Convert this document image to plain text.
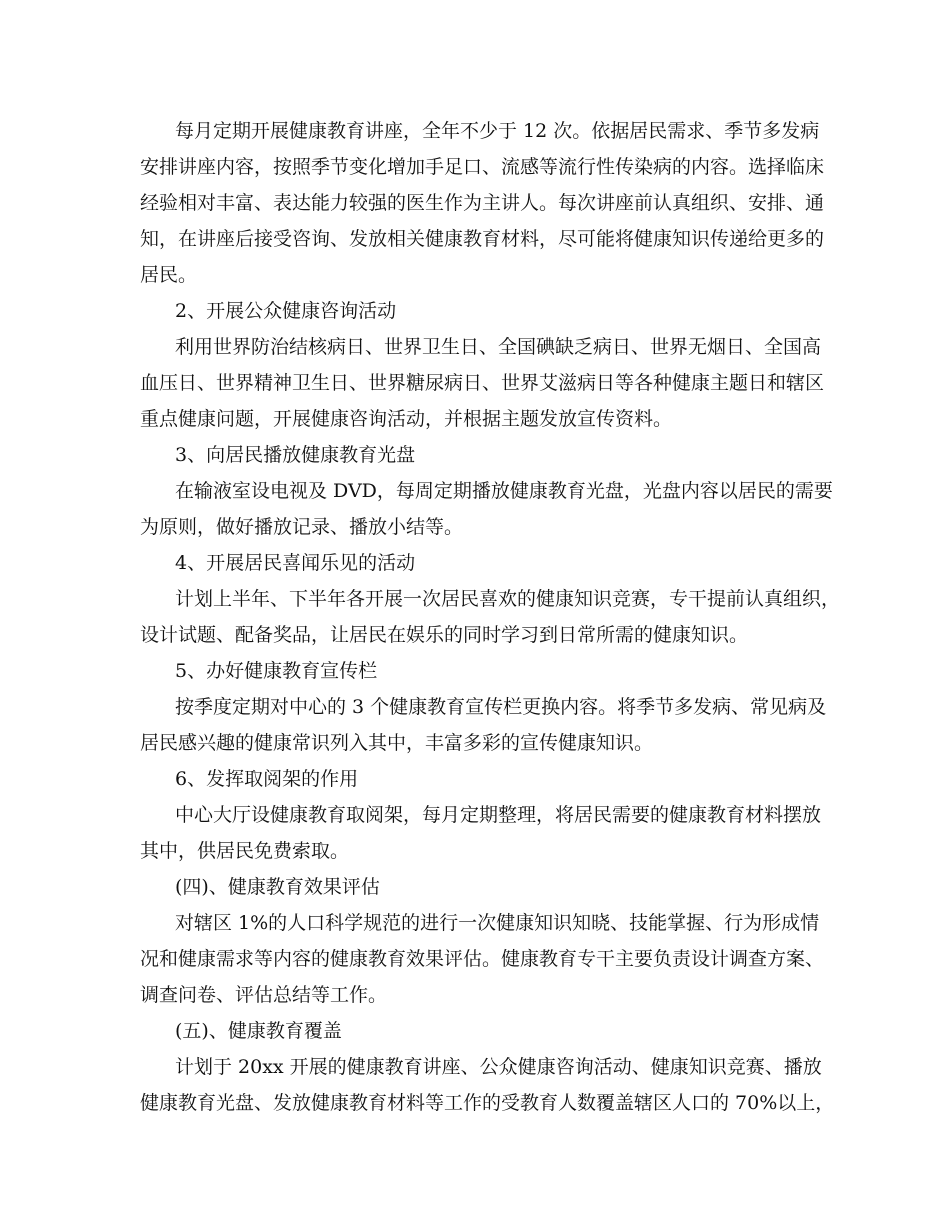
每月定期开展健康教育讲座，全年不少于 12 次。依据居民需求、季节多发病
安排讲座内容，按照季节变化增加手足口、流感等流行性传染病的内容。选择临床
经验相对丰富、表达能力较强的医生作为主讲人。每次讲座前认真组织、安排、通
知，在讲座后接受咨询、发放相关健康教育材料，尽可能将健康知识传递给更多的
居民。
2、开展公众健康咨询活动
利用世界防治结核病日、世界卫生日、全国碘缺乏病日、世界无烟日、全国高
血压日、世界精神卫生日、世界糖尿病日、世界艾滋病日等各种健康主题日和辖区
重点健康问题，开展健康咨询活动，并根据主题发放宣传资料。
3、向居民播放健康教育光盘
在输液室设电视及 DVD，每周定期播放健康教育光盘，光盘内容以居民的需要
为原则，做好播放记录、播放小结等。
4、开展居民喜闻乐见的活动
计划上半年、下半年各开展一次居民喜欢的健康知识竞赛，专干提前认真组织，
设计试题、配备奖品，让居民在娱乐的同时学习到日常所需的健康知识。
5、办好健康教育宣传栏
按季度定期对中心的 3 个健康教育宣传栏更换内容。将季节多发病、常见病及
居民感兴趣的健康常识列入其中，丰富多彩的宣传健康知识。
6、发挥取阅架的作用
中心大厅设健康教育取阅架，每月定期整理，将居民需要的健康教育材料摆放
其中，供居民免费索取。
(四)、健康教育效果评估
对辖区 1%的人口科学规范的进行一次健康知识知晓、技能掌握、行为形成情
况和健康需求等内容的健康教育效果评估。健康教育专干主要负责设计调查方案、
调查问卷、评估总结等工作。
(五)、健康教育覆盖
计划于 20xx 开展的健康教育讲座、公众健康咨询活动、健康知识竞赛、播放
健康教育光盘、发放健康教育材料等工作的受教育人数覆盖辖区人口的 70%以上，
